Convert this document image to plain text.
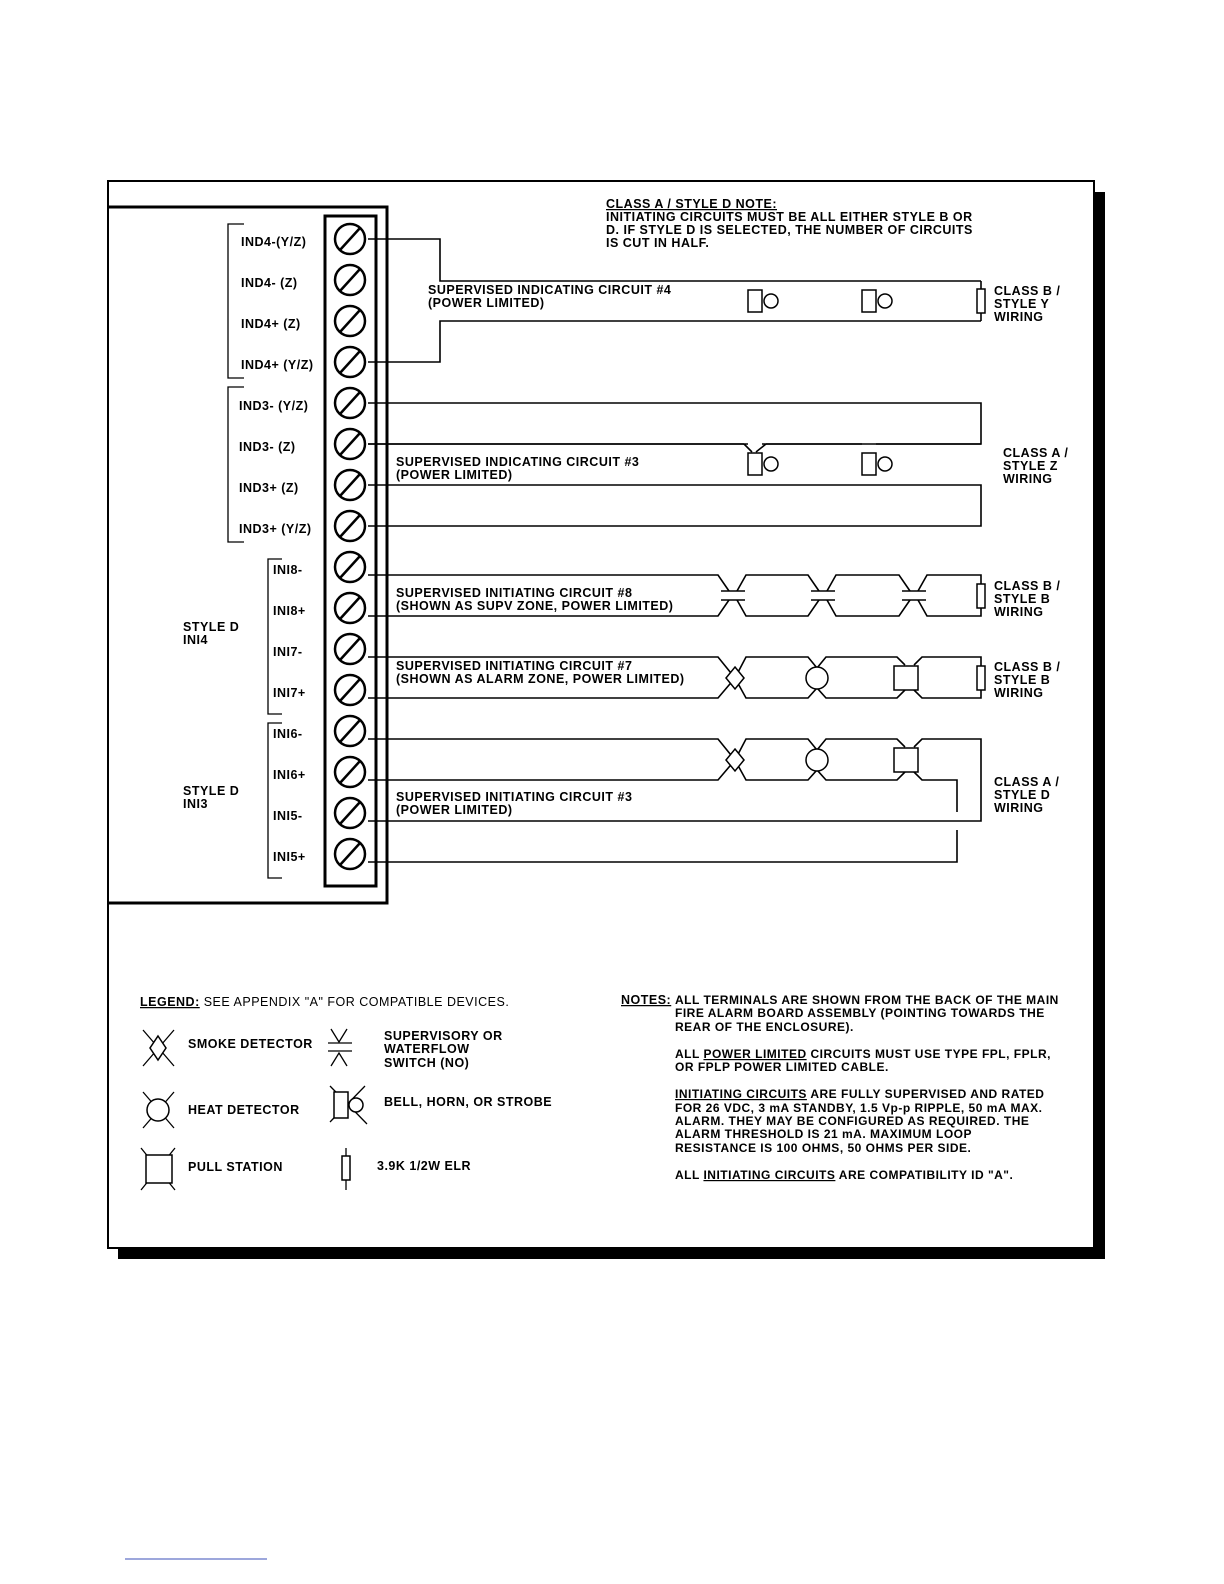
IND4-(Y/Z)
IND4- (Z)
IND4+ (Z)
IND4+ (Y/Z)
IND3- (Y/Z)
IND3- (Z)
IND3+ (Z)
IND3+ (Y/Z)
INI8-
INI8+
INI7-
INI7+
INI6-
INI6+
INI5-
INI5+
STYLE D
INI4
STYLE D
INI3
CLASS A / STYLE D NOTE:
INITIATING CIRCUITS MUST BE ALL EITHER STYLE B OR
D. IF STYLE D IS SELECTED, THE NUMBER OF CIRCUITS
IS CUT IN HALF.
SUPERVISED INDICATING CIRCUIT #4
(POWER LIMITED)
CLASS B /
STYLE Y
WIRING
SUPERVISED INDICATING CIRCUIT #3
(POWER LIMITED)
CLASS A /
STYLE Z
WIRING
SUPERVISED INITIATING CIRCUIT #8
(SHOWN AS SUPV ZONE, POWER LIMITED)
CLASS B /
STYLE B
WIRING
SUPERVISED INITIATING CIRCUIT #7
(SHOWN AS ALARM ZONE, POWER LIMITED)
CLASS B /
STYLE B
WIRING
SUPERVISED INITIATING CIRCUIT #3
(POWER LIMITED)
CLASS A /
STYLE D
WIRING
LEGEND: SEE APPENDIX "A" FOR COMPATIBLE DEVICES.
SMOKE DETECTOR
HEAT DETECTOR
PULL STATION
SUPERVISORY OR
WATERFLOW
SWITCH (NO)
BELL, HORN, OR STROBE
3.9K 1/2W ELR
NOTES: ALL TERMINALS ARE SHOWN FROM THE BACK OF THE MAIN
FIRE ALARM BOARD ASSEMBLY (POINTING TOWARDS THE
REAR OF THE ENCLOSURE).
ALL POWER LIMITED CIRCUITS MUST USE TYPE FPL, FPLR,
OR FPLP POWER LIMITED CABLE.
INITIATING CIRCUITS ARE FULLY SUPERVISED AND RATED
FOR 26 VDC, 3 mA STANDBY, 1.5 Vp-p RIPPLE, 50 mA MAX.
ALARM. THEY MAY BE CONFIGURED AS REQUIRED. THE
ALARM THRESHOLD IS 21 mA. MAXIMUM LOOP
RESISTANCE IS 100 OHMS, 50 OHMS PER SIDE.
ALL INITIATING CIRCUITS ARE COMPATIBILITY ID "A".
